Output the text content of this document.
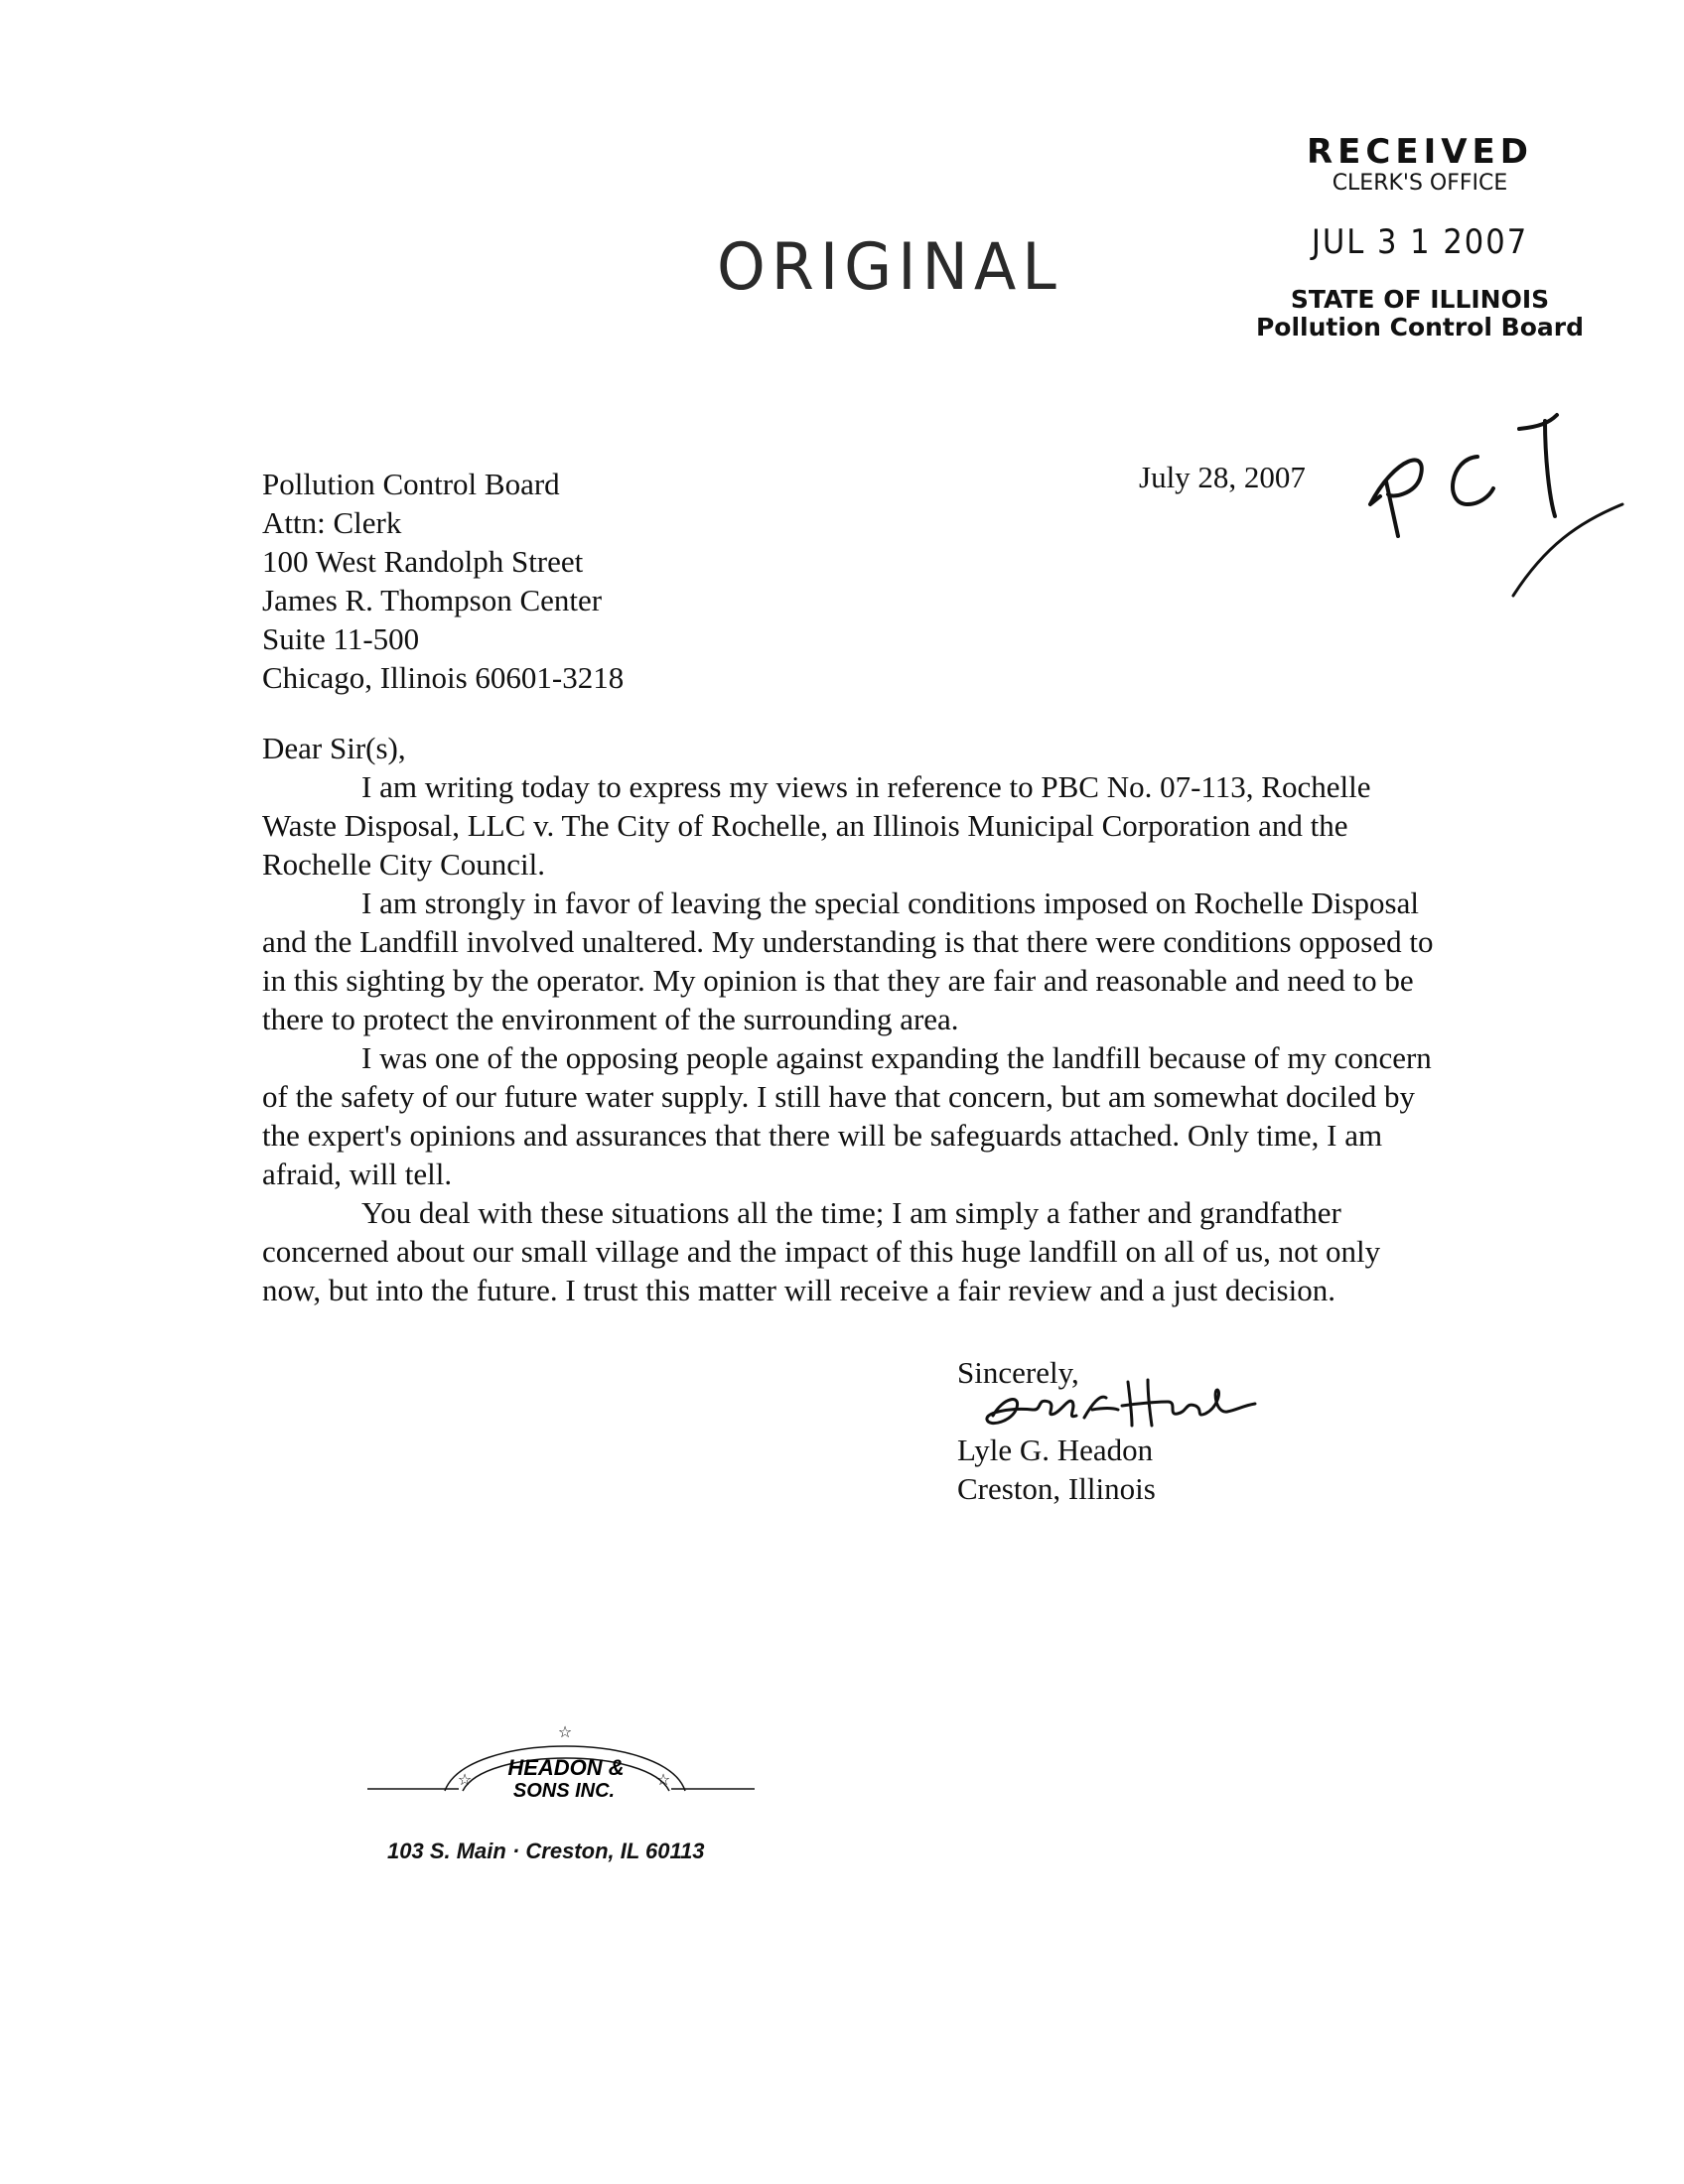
RECEIVED
CLERK'S OFFICE
JUL 3 1 2007
STATE OF ILLINOIS
Pollution Control Board
ORIGINAL
July 28, 2007
Pollution Control Board
Attn: Clerk
100 West Randolph Street
James R. Thompson Center
Suite 11-500
Chicago, Illinois 60601-3218

Dear Sir(s),

I am writing today to express my views in reference to PBC No. 07-113, Rochelle Waste Disposal, LLC v. The City of Rochelle, an Illinois Municipal Corporation and the Rochelle City Council.

I am strongly in favor of leaving the special conditions imposed on Rochelle Disposal and the Landfill involved unaltered. My understanding is that there were conditions opposed to in this sighting by the operator. My opinion is that they are fair and reasonable and need to be there to protect the environment of the surrounding area.

I was one of the opposing people against expanding the landfill because of my concern of the safety of our future water supply. I still have that concern, but am somewhat dociled by the expert's opinions and assurances that there will be safeguards attached. Only time, I am afraid, will tell.

You deal with these situations all the time; I am simply a father and grandfather concerned about our small village and the impact of this huge landfill on all of us, not only now, but into the future. I trust this matter will receive a fair review and a just decision.

Sincerely,
Lyle G. Headon
Creston, Illinois
☆
☆	☆
HEADON &
SONS INC.
103 S. Main · Creston, IL 60113
